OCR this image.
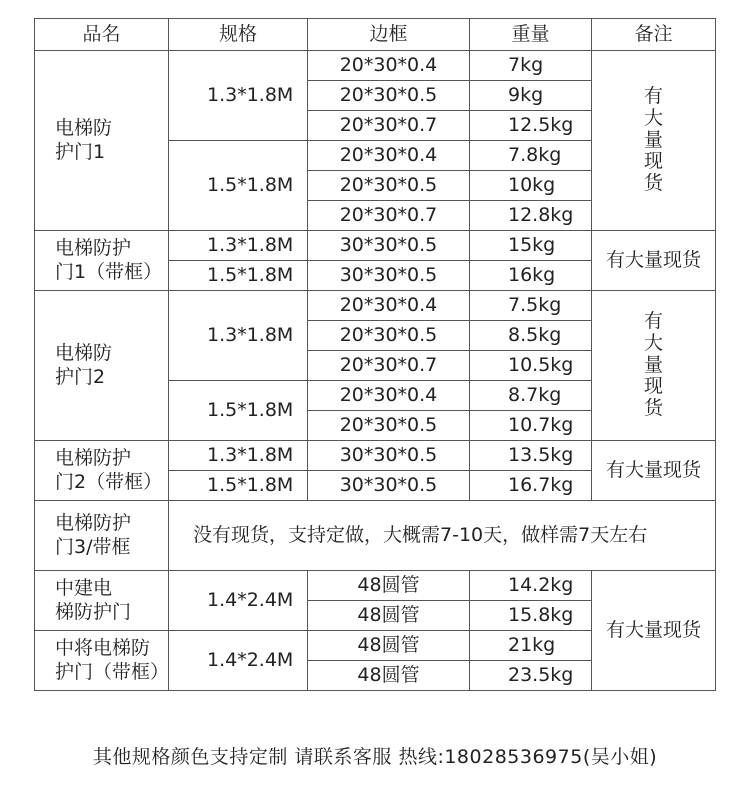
品名	规格	边框	重量	备注

电梯防
护门1	1.3*1.8M	20*30*0.4	7kg	有大量现货

		20*30*0.5	9kg	
		20*30*0.7	12.5kg	
	1.5*1.8M	20*30*0.4	7.8kg	
		20*30*0.5	10kg	
		20*30*0.7	12.8kg	

电梯防护
门1（带框）	1.3*1.8M	30*30*0.5	15kg	有大量现货
	1.5*1.8M	30*30*0.5	16kg	

电梯防
护门2	1.3*1.8M	20*30*0.4	7.5kg	有大量现货

		20*30*0.5	8.5kg	
		20*30*0.7	10.5kg	
	1.5*1.8M	20*30*0.4	8.7kg	
		20*30*0.5	10.7kg	

电梯防护
门2（带框）	1.3*1.8M	30*30*0.5	13.5kg	有大量现货
	1.5*1.8M	30*30*0.5	16.7kg	

电梯防护
门3/带框	没有现货，支持定做，大概需7-10天，做样需7天左右			

中建电
梯防护门	1.4*2.4M	48圆管	14.2kg	有大量现货
		48圆管	15.8kg	

中将电梯防
护门（带框）	1.4*2.4M	48圆管	21kg	
		48圆管	23.5kg	
其他规格颜色支持定制 请联系客服 热线:18028536975(吴小姐)
